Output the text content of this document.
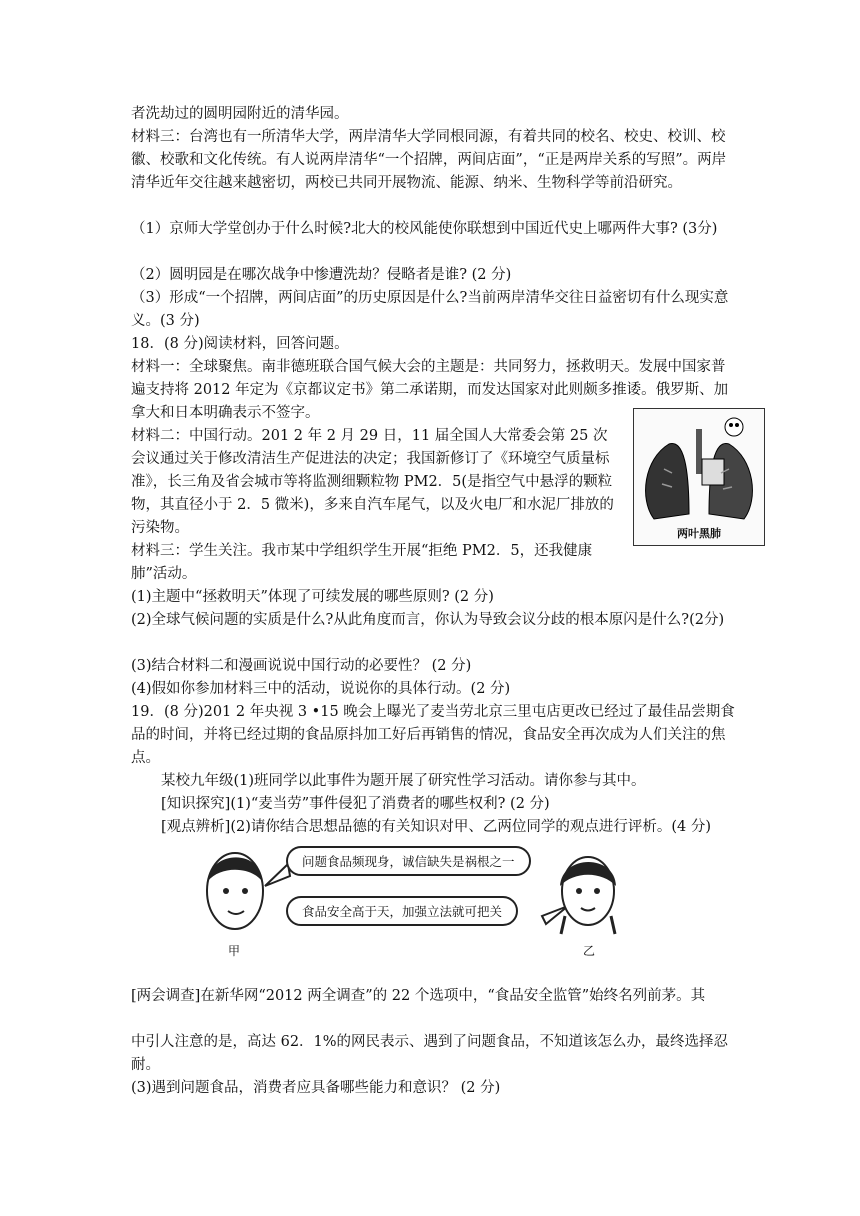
者洗劫过的圆明园附近的清华园。

材料三：台湾也有一所清华大学，两岸清华大学同根同源，有着共同的校名、校史、校训、校徽、校歌和文化传统。有人说两岸清华“一个招牌，两间店面”，“正是两岸关系的写照”。两岸清华近年交往越来越密切，两校已共同开展物流、能源、纳米、生物科学等前沿研究。

（1）京师大学堂创办于什么时候?北大的校风能使你联想到中国近代史上哪两件大事? (3分)

（2）圆明园是在哪次战争中惨遭洗劫？侵略者是谁? (2 分)

（3）形成“一个招牌，两间店面”的历史原因是什么?当前两岸清华交往日益密切有什么现实意义。(3 分)

18．(8 分)阅读材料，回答问题。

材料一：全球聚焦。南非德班联合国气候大会的主题是：共同努力，拯救明天。发展中国家普遍支持将 2012 年定为《京都议定书》第二承诺期，而发达国家对此则颇多推诿。俄罗斯、加拿大和日本明确表示不签字。

材料二：中国行动。201 2 年 2 月 29 日，11 届全国人大常委会第 25 次会议通过关于修改清洁生产促进法的决定；我国新修订了《环境空气质量标准》，长三角及省会城市等将监测细颗粒物 PM2．5(是指空气中悬浮的颗粒物，其直径小于 2．5 微米)，多来自汽车尾气，以及火电厂和水泥厂排放的污染物。	两叶黑肺

材料三：学生关注。我市某中学组织学生开展“拒绝 PM2．5，还我健康肺”活动。

(1)主题中“拯救明天”体现了可续发展的哪些原则? (2 分)

(2)全球气候问题的实质是什么?从此角度而言，你认为导致会议分歧的根本原闪是什么?(2分)

(3)结合材料二和漫画说说中国行动的必要性？ (2 分)

(4)假如你参加材料三中的活动，说说你的具体行动。(2 分)

19．(8 分)201 2 年央视 3 •15 晚会上曝光了麦当劳北京三里屯店更改已经过了最佳品尝期食品的时间，并将已经过期的食品原抖加工好后再销售的情况，食品安全再次成为人们关注的焦点。

某校九年级(1)班同学以此事件为题开展了研究性学习活动。请你参与其中。

[知识探究](1)“麦当劳”事件侵犯了消费者的哪些权利? (2 分)

[观点辨析](2)请你结合思想品德的有关知识对甲、乙两位同学的观点进行评析。(4 分)

问题食品频现身，诚信缺失是祸根之一
食品安全高于天，加强立法就可把关
甲	乙

[两会调查]在新华网“2012 两全调查”的 22 个选项中，“食品安全监管”始终名列前茅。其

中引人注意的是，高达 62．1%的网民表示、遇到了问题食品，不知道该怎么办，最终选择忍耐。

(3)遇到问题食品，消费者应具备哪些能力和意识？ (2 分)
